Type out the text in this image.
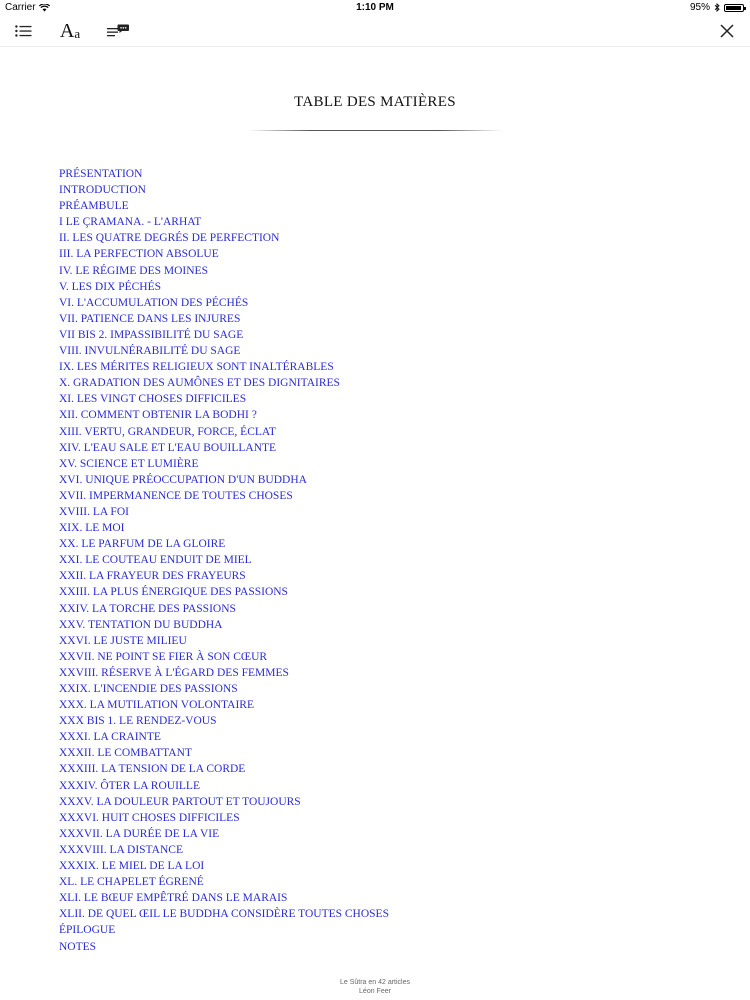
Carrier	1:10 PM	95%
A a
TABLE DES MATIÈRES
PRÉSENTATION
INTRODUCTION
PRÉAMBULE
I LE ÇRAMANA. - L'ARHAT
II. LES QUATRE DEGRÉS DE PERFECTION
III. LA PERFECTION ABSOLUE
IV. LE RÉGIME DES MOINES
V. LES DIX PÉCHÉS
VI. L'ACCUMULATION DES PÉCHÉS
VII. PATIENCE DANS LES INJURES
VII BIS 2. IMPASSIBILITÉ DU SAGE
VIII. INVULNÉRABILITÉ DU SAGE
IX. LES MÉRITES RELIGIEUX SONT INALTÉRABLES
X. GRADATION DES AUMÔNES ET DES DIGNITAIRES
XI. LES VINGT CHOSES DIFFICILES
XII. COMMENT OBTENIR LA BODHI ?
XIII. VERTU, GRANDEUR, FORCE, ÉCLAT
XIV. L'EAU SALE ET L'EAU BOUILLANTE
XV. SCIENCE ET LUMIÈRE
XVI. UNIQUE PRÉOCCUPATION D'UN BUDDHA
XVII. IMPERMANENCE DE TOUTES CHOSES
XVIII. LA FOI
XIX. LE MOI
XX. LE PARFUM DE LA GLOIRE
XXI. LE COUTEAU ENDUIT DE MIEL
XXII. LA FRAYEUR DES FRAYEURS
XXIII. LA PLUS ÉNERGIQUE DES PASSIONS
XXIV. LA TORCHE DES PASSIONS
XXV. TENTATION DU BUDDHA
XXVI. LE JUSTE MILIEU
XXVII. NE POINT SE FIER À SON CŒUR
XXVIII. RÉSERVE À L'ÉGARD DES FEMMES
XXIX. L'INCENDIE DES PASSIONS
XXX. LA MUTILATION VOLONTAIRE
XXX BIS 1. LE RENDEZ-VOUS
XXXI. LA CRAINTE
XXXII. LE COMBATTANT
XXXIII. LA TENSION DE LA CORDE
XXXIV. ÔTER LA ROUILLE
XXXV. LA DOULEUR PARTOUT ET TOUJOURS
XXXVI. HUIT CHOSES DIFFICILES
XXXVII. LA DURÉE DE LA VIE
XXXVIII. LA DISTANCE
XXXIX. LE MIEL DE LA LOI
XL. LE CHAPELET ÉGRENÉ
XLI. LE BŒUF EMPÊTRÉ DANS LE MARAIS
XLII. DE QUEL ŒIL LE BUDDHA CONSIDÈRE TOUTES CHOSES
ÉPILOGUE
NOTES
Le Sûtra en 42 articles
Léon Feer
